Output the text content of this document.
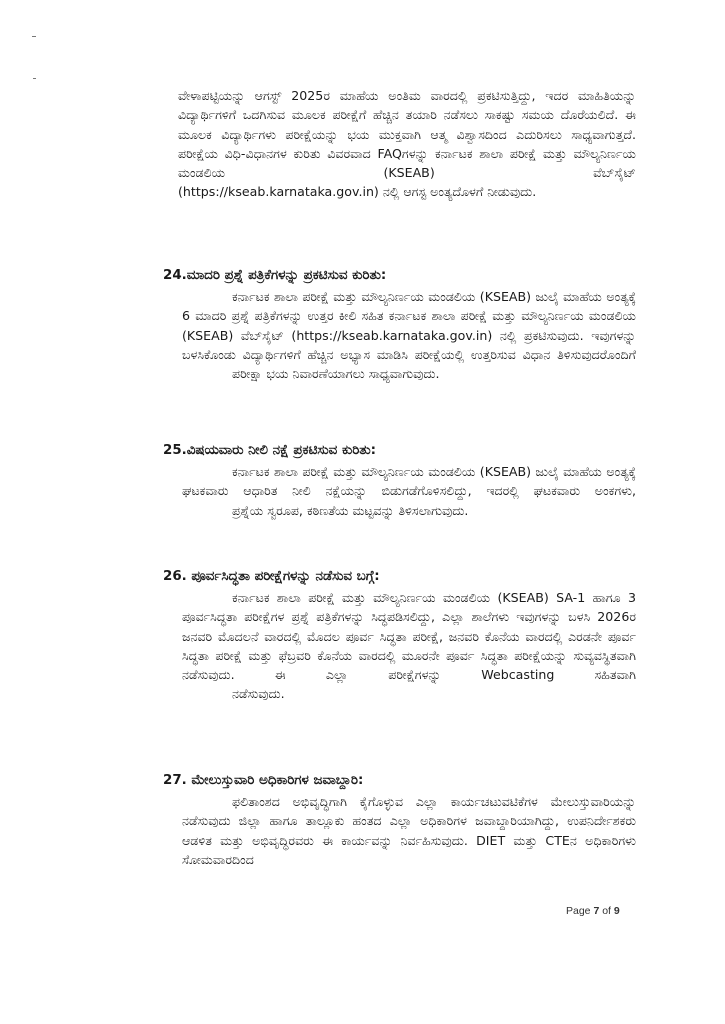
ವೇಳಾಪಟ್ಟಿಯನ್ನು ಆಗಸ್ಟ್ 2025ರ ಮಾಹೆಯ ಅಂತಿಮ ವಾರದಲ್ಲಿ ಪ್ರಕಟಿಸುತ್ತಿದ್ದು, ಇದರ ಮಾಹಿತಿಯನ್ನು ವಿದ್ಯಾರ್ಥಿಗಳಿಗೆ ಒದಗಿಸುವ ಮೂಲಕ ಪರೀಕ್ಷೆಗೆ ಹೆಚ್ಚಿನ ತಯಾರಿ ನಡೆಸಲು ಸಾಕಷ್ಟು ಸಮಯ ದೊರೆಯಲಿದೆ. ಈ ಮೂಲಕ ವಿದ್ಯಾರ್ಥಿಗಳು ಪರೀಕ್ಷೆಯನ್ನು ಭಯ ಮುಕ್ತವಾಗಿ ಆತ್ಮ ವಿಶ್ವಾಸದಿಂದ ಎದುರಿಸಲು ಸಾಧ್ಯವಾಗುತ್ತದೆ. ಪರೀಕ್ಷೆಯ ವಿಧಿ-ವಿಧಾನಗಳ ಕುರಿತು ವಿವರವಾದ FAQಗಳನ್ನು ಕರ್ನಾಟಕ ಶಾಲಾ ಪರೀಕ್ಷೆ ಮತ್ತು ಮೌಲ್ಯನಿರ್ಣಯ ಮಂಡಲಿಯ (KSEAB) ವೆಬ್‌ಸೈಟ್
(https://kseab.karnataka.gov.in) ನಲ್ಲಿ ಆಗಸ್ಟ ಅಂತ್ಯದೊಳಗೆ ನೀಡುವುದು.

24.ಮಾದರಿ ಪ್ರಶ್ನೆ ಪತ್ರಿಕೆಗಳನ್ನು ಪ್ರಕಟಿಸುವ ಕುರಿತು:

ಕರ್ನಾಟಕ ಶಾಲಾ ಪರೀಕ್ಷೆ ಮತ್ತು ಮೌಲ್ಯನಿರ್ಣಯ ಮಂಡಲಿಯ (KSEAB) ಜುಲೈ ಮಾಹೆಯ ಅಂತ್ಯಕ್ಕೆ 6 ಮಾದರಿ ಪ್ರಶ್ನೆ ಪತ್ರಿಕೆಗಳನ್ನು ಉತ್ತರ ಕೀಲಿ ಸಹಿತ ಕರ್ನಾಟಕ ಶಾಲಾ ಪರೀಕ್ಷೆ ಮತ್ತು ಮೌಲ್ಯನಿರ್ಣಯ ಮಂಡಲಿಯ (KSEAB) ವೆಬ್‌ಸೈಟ್ (https://kseab.karnataka.gov.in) ನಲ್ಲಿ ಪ್ರಕಟಿಸುವುದು. ಇವುಗಳನ್ನು ಬಳಸಿಕೊಂಡು ವಿದ್ಯಾರ್ಥಿಗಳಿಗೆ ಹೆಚ್ಚಿನ ಅಭ್ಯಾಸ ಮಾಡಿಸಿ ಪರೀಕ್ಷೆಯಲ್ಲಿ ಉತ್ತರಿಸುವ ವಿಧಾನ ತಿಳಿಸುವುದರೊಂದಿಗೆ
ಪರೀಕ್ಷಾ ಭಯ ನಿವಾರಣೆಯಾಗಲು ಸಾಧ್ಯವಾಗುವುದು.

25.ವಿಷಯವಾರು ನೀಲಿ ನಕ್ಷೆ ಪ್ರಕಟಿಸುವ ಕುರಿತು:

ಕರ್ನಾಟಕ ಶಾಲಾ ಪರೀಕ್ಷೆ ಮತ್ತು ಮೌಲ್ಯನಿರ್ಣಯ ಮಂಡಲಿಯ (KSEAB) ಜುಲೈ ಮಾಹೆಯ ಅಂತ್ಯಕ್ಕೆ ಘಟಕವಾರು ಆಧಾರಿತ ನೀಲಿ ನಕ್ಷೆಯನ್ನು ಬಿಡುಗಡೆಗೊಳಿಸಲಿದ್ದು, ಇದರಲ್ಲಿ ಘಟಕವಾರು ಅಂಕಗಳು,
ಪ್ರಶ್ನೆಯ ಸ್ವರೂಪ, ಕಠಿಣತೆಯ ಮಟ್ಟವನ್ನು ತಿಳಿಸಲಾಗುವುದು.

26. ಪೂರ್ವಸಿದ್ಧತಾ ಪರೀಕ್ಷೆಗಳನ್ನು ನಡೆಸುವ ಬಗ್ಗೆ:

ಕರ್ನಾಟಕ ಶಾಲಾ ಪರೀಕ್ಷೆ ಮತ್ತು ಮೌಲ್ಯನಿರ್ಣಯ ಮಂಡಲಿಯ (KSEAB) SA-1 ಹಾಗೂ 3 ಪೂರ್ವಸಿದ್ಧತಾ ಪರೀಕ್ಷೆಗಳ ಪ್ರಶ್ನೆ ಪತ್ರಿಕೆಗಳನ್ನು ಸಿದ್ಧಪಡಿಸಲಿದ್ದು, ಎಲ್ಲಾ ಶಾಲೆಗಳು ಇವುಗಳನ್ನು ಬಳಸಿ 2026ರ ಜನವರಿ ಮೊದಲನೆ ವಾರದಲ್ಲಿ ಮೊದಲ ಪೂರ್ವ ಸಿದ್ಧತಾ ಪರೀಕ್ಷೆ, ಜನವರಿ ಕೊನೆಯ ವಾರದಲ್ಲಿ ಎರಡನೇ ಪೂರ್ವ ಸಿದ್ಧತಾ ಪರೀಕ್ಷೆ ಮತ್ತು ಫೆಬ್ರವರಿ ಕೊನೆಯ ವಾರದಲ್ಲಿ ಮೂರನೇ ಪೂರ್ವ ಸಿದ್ಧತಾ ಪರೀಕ್ಷೆಯನ್ನು ಸುವ್ಯವಸ್ಥಿತವಾಗಿ ನಡೆಸುವುದು. ಈ ಎಲ್ಲಾ ಪರೀಕ್ಷೆಗಳನ್ನು Webcasting ಸಹಿತವಾಗಿ
ನಡೆಸುವುದು.

27. ಮೇಲುಸ್ತುವಾರಿ ಅಧಿಕಾರಿಗಳ ಜವಾಬ್ದಾರಿ:

ಫಲಿತಾಂಶದ ಅಭಿವೃದ್ಧಿಗಾಗಿ ಕೈಗೊಳ್ಳುವ ಎಲ್ಲಾ ಕಾರ್ಯಚಟುವಟಿಕೆಗಳ ಮೇಲುಸ್ತುವಾರಿಯನ್ನು ನಡೆಸುವುದು ಜಿಲ್ಲಾ ಹಾಗೂ ತಾಲ್ಲೂಕು ಹಂತದ ಎಲ್ಲಾ ಅಧಿಕಾರಿಗಳ ಜವಾಬ್ದಾರಿಯಾಗಿದ್ದು, ಉಪನಿರ್ದೇಶಕರು ಆಡಳಿತ ಮತ್ತು ಅಭಿವೃದ್ಧಿರವರು ಈ ಕಾರ್ಯವನ್ನು ನಿರ್ವಹಿಸುವುದು. DIET ಮತ್ತು CTEನ ಅಧಿಕಾರಿಗಳು ಸೋಮವಾರದಿಂದ

Page 7 of 9
